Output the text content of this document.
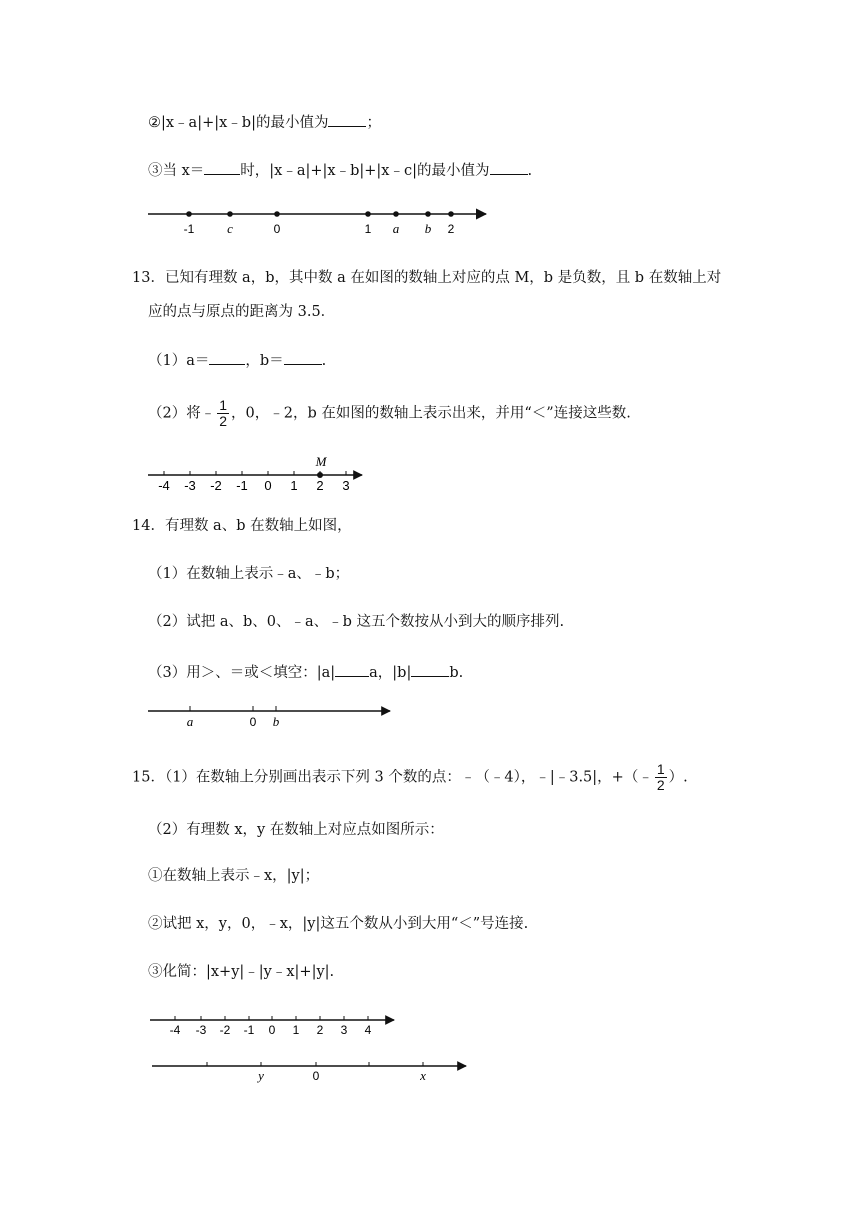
②|x﹣a|+|x﹣b|的最小值为	；
③当 x＝ 时，|x﹣a|+|x﹣b|+|x﹣c|的最小值为	.
-1	c	0	1 a b 2
13．已知有理数 a，b，其中数 a 在如图的数轴上对应的点 M，b 是负数，且 b 在数轴上对
应的点与原点的距离为 3.5．
（1）a＝ ，b＝	.
（2）将﹣ $\frac{1}{2}$ ，0，﹣2，b 在如图的数轴上表示出来，并用“＜”连接这些数.
M
-4 -3 -2 -1 0 1 2 3
14．有理数 a、b 在数轴上如图，
（1）在数轴上表示﹣a、﹣b；
（2）试把 a、b、0、﹣a、﹣b 这五个数按从小到大的顺序排列.
（3）用＞、＝或＜填空：|a| a，|b|	b.
a	0 b
15．（1）在数轴上分别画出表示下列 3 个数的点：﹣（﹣4），﹣|﹣3.5|，+（﹣ $\frac{1}{2}$ ）.
（2）有理数 x，y 在数轴上对应点如图所示：
①在数轴上表示﹣x，|y|；
②试把 x，y，0，﹣x，|y|这五个数从小到大用“＜”号连接.
③化简：|x+y|﹣|y﹣x|+|y|.
-4 -3 -2 -1 0 1 2 3 4
y	0	x
